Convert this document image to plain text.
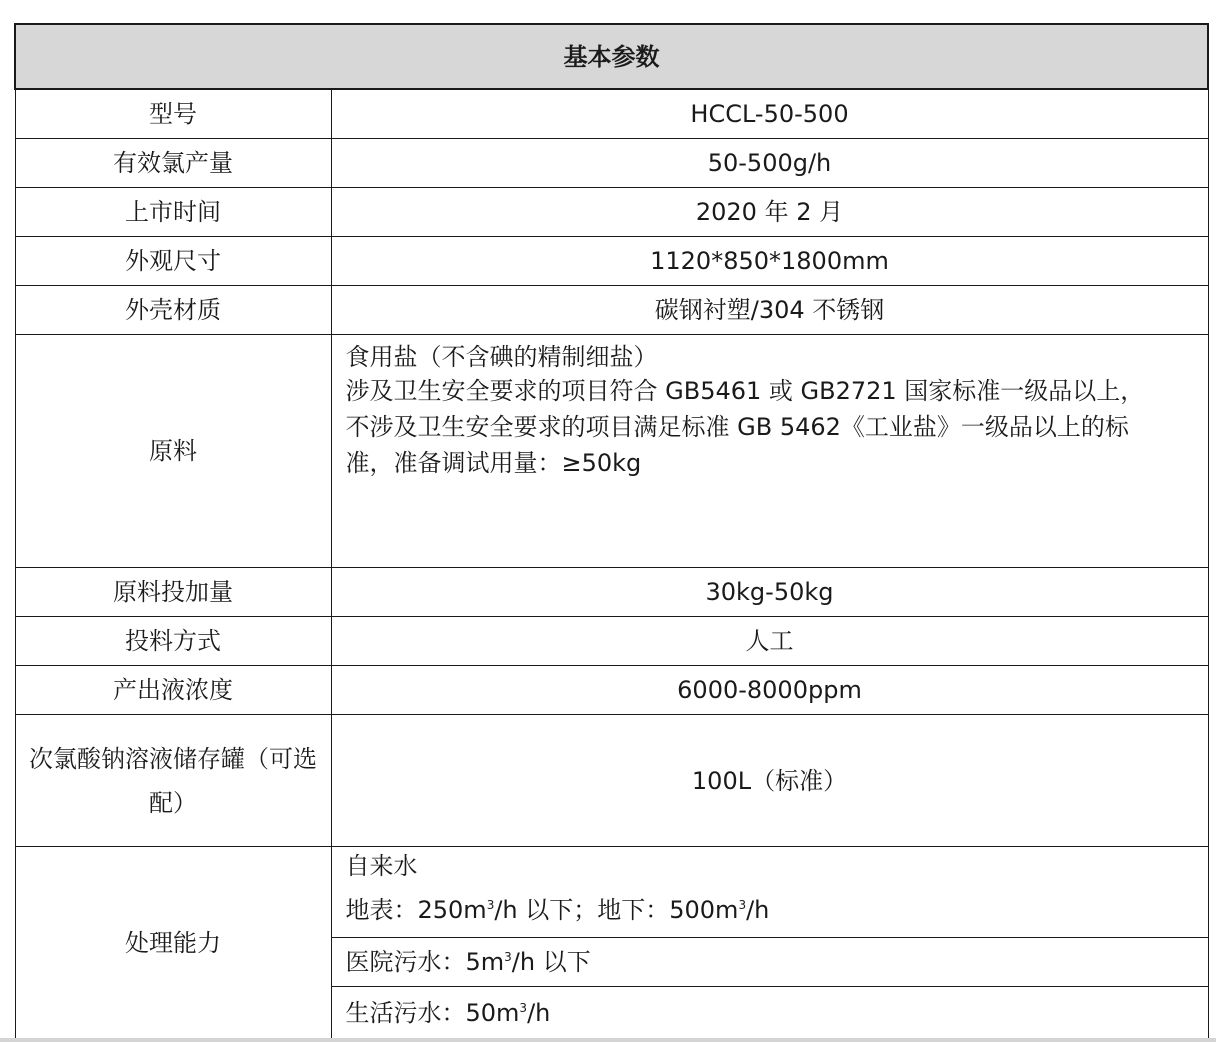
基本参数	
型号	HCCL-50-500
有效氯产量	50-500g/h
上市时间	2020 年 2 月
外观尺寸	1120*850*1800mm
外壳材质	碳钢衬塑/304 不锈钢
原料	食用盐（不含碘的精制细盐）
涉及卫生安全要求的项目符合 GB5461 或 GB2721 国家标准一级品以上，
不涉及卫生安全要求的项目满足标准 GB 5462《工业盐》一级品以上的标
准，准备调试用量：≥50kg

原料投加量	30kg-50kg
投料方式	人工
产出液浓度	6000-8000ppm
次氯酸钠溶液储存罐（可选配）	100L（标准）
处理能力	自来水
地表：$250m^3/h$ 以下；地下：$500m^3/h$

	医院污水：$5m^3/h$ 以下
	生活污水：$50m^3/h$
